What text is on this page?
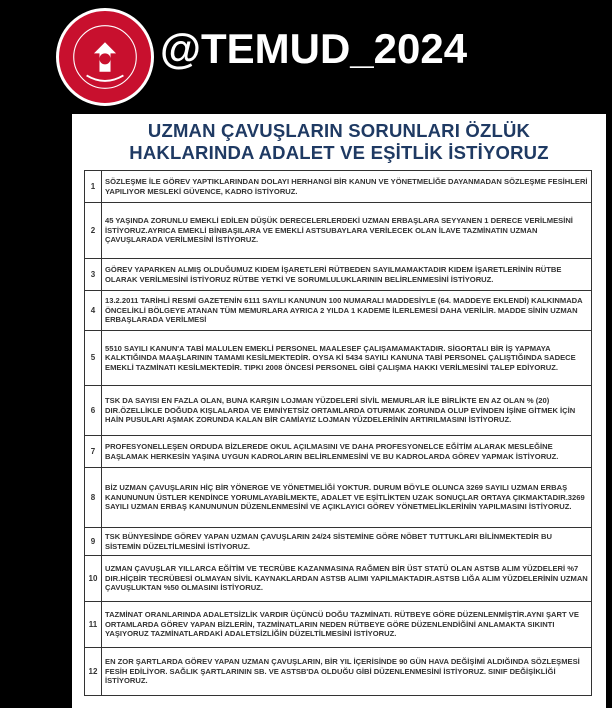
@TEMUD_2024
UZMAN ÇAVUŞLARIN SORUNLARI ÖZLÜK
HAKLARINDA ADALET VE EŞİTLİK İSTİYORUZ
1	SÖZLEŞME İLE GÖREV YAPTIKLARINDAN DOLAYI HERHANGİ BİR KANUN VE YÖNETMELİĞE DAYANMADAN SÖZLEŞME FESİHLERİ YAPILIYOR MESLEKİ GÜVENCE, KADRO İSTİYORUZ.
2	45 YAŞINDA ZORUNLU EMEKLİ EDİLEN DÜŞÜK DERECELERLERDEKİ UZMAN ERBAŞLARA SEYYANEN 1 DERECE VERİLMESİNİ İSTİYORUZ.AYRICA EMEKLİ BİNBAŞILARA VE EMEKLİ ASTSUBAYLARA VERİLECEK OLAN İLAVE TAZMİNATIN UZMAN ÇAVUŞLARADA VERİLMESİNİ İSTİYORUZ.
3	GÖREV YAPARKEN ALMIŞ OLDUĞUMUZ KIDEM İŞARETLERİ RÜTBEDEN SAYILMAMAKTADIR KIDEM İŞARETLERİNİN RÜTBE OLARAK VERİLMESİNİ İSTİYORUZ RÜTBE YETKİ VE SORUMLULUKLARININ BELİRLENMESİNİ İSTİYORUZ.
4	13.2.2011 TARİHLİ RESMİ GAZETENİN 6111 SAYILI KANUNUN 100 NUMARALI MADDESİYLE (64. MADDEYE EKLENDİ) KALKINMADA ÖNCELİKLİ BÖLGEYE ATANAN TÜM MEMURLARA AYRICA 2 YILDA 1 KADEME İLERLEMESİ DAHA VERİLİR. MADDE SİNİN UZMAN ERBAŞLARADA VERİLMESİ
5	5510 SAYILI KANUN'A TABİ MALULEN EMEKLİ PERSONEL MAALESEF ÇALIŞAMAMAKTADIR. SİGORTALI BİR İŞ YAPMAYA KALKTIĞINDA MAAŞLARININ TAMAMI KESİLMEKTEDİR. OYSA Kİ 5434 SAYILI KANUNA TABİ PERSONEL ÇALIŞTIĞINDA SADECE EMEKLİ TAZMİNATI KESİLMEKTEDİR. TIPKI 2008 ÖNCESİ PERSONEL GİBİ ÇALIŞMA HAKKI VERİLMESİNİ TALEP EDİYORUZ.
6	TSK DA SAYISI EN FAZLA OLAN, BUNA KARŞIN LOJMAN YÜZDELERİ SİVİL MEMURLAR İLE BİRLİKTE EN AZ OLAN % (20) DIR.ÖZELLİKLE DOĞUDA KIŞLALARDA VE EMNİYETSİZ ORTAMLARDA OTURMAK ZORUNDA OLUP EVİNDEN İŞİNE GİTMEK İÇİN HAİN PUSULARI AŞMAK ZORUNDA KALAN BİR CAMİAYIZ LOJMAN YÜZDELERİNİN ARTIRILMASINI İSTİYORUZ.
7	PROFESYONELLEŞEN ORDUDA BİZLEREDE OKUL AÇILMASINI VE DAHA PROFESYONELCE EĞİTİM ALARAK MESLEĞİNE BAŞLAMAK HERKESİN YAŞINA UYGUN KADROLARIN BELİRLENMESİNİ VE BU KADROLARDA GÖREV YAPMAK İSTİYORUZ.
8	BİZ UZMAN ÇAVUŞLARIN HİÇ BİR YÖNERGE VE YÖNETMELİĞİ YOKTUR. DURUM BÖYLE OLUNCA 3269 SAYILI UZMAN ERBAŞ KANUNUNUN ÜSTLER KENDİNCE YORUMLAYABİLMEKTE, ADALET VE EŞİTLİKTEN UZAK SONUÇLAR ORTAYA ÇIKMAKTADIR.3269 SAYILI UZMAN ERBAŞ KANUNUNUN DÜZENLENMESİNİ VE AÇIKLAYICI GÖREV YÖNETMELİKLERİNİN YAPILMASINI İSTİYORUZ.
9	TSK BÜNYESİNDE GÖREV YAPAN UZMAN ÇAVUŞLARIN 24/24 SİSTEMİNE GÖRE NÖBET TUTTUKLARI BİLİNMEKTEDİR BU SİSTEMİN DÜZELTİLMESİNİ İSTİYORUZ.
10	UZMAN ÇAVUŞLAR YILLARCA EĞİTİM VE TECRÜBE KAZANMASINA RAĞMEN BİR ÜST STATÜ OLAN ASTSB ALIM YÜZDELERİ %7 DIR.HİÇBİR TECRÜBESİ OLMAYAN SİVİL KAYNAKLARDAN ASTSB ALIMI YAPILMAKTADIR.ASTSB LIĞA ALIM YÜZDELERİNİN UZMAN ÇAVUŞLUKTAN %50 OLMASINI İSTİYORUZ.
11	TAZMİNAT ORANLARINDA ADALETSİZLİK VARDIR ÜÇÜNCÜ DOĞU TAZMİNATI. RÜTBEYE GÖRE DÜZENLENMİŞTİR.AYNI ŞART VE ORTAMLARDA GÖREV YAPAN BİZLERİN, TAZMİNATLARIN NEDEN RÜTBEYE GÖRE DÜZENLENDİĞİNİ ANLAMAKTA SIKINTI YAŞIYORUZ TAZMİNATLARDAKİ ADALETSİZLİĞİN DÜZELTİLMESİNİ İSTİYORUZ.
12	EN ZOR ŞARTLARDA GÖREV YAPAN UZMAN ÇAVUŞLARIN, BİR YIL İÇERİSİNDE 90 GÜN HAVA DEĞİŞİMİ ALDIĞINDA SÖZLEŞMESİ FESİH EDİLİYOR. SAĞLIK ŞARTLARININ SB. VE ASTSB'DA OLDUĞU GİBİ DÜZENLENMESİNİ İSTİYORUZ. SINIF DEĞİŞİKLİĞİ İSTİYORUZ.
